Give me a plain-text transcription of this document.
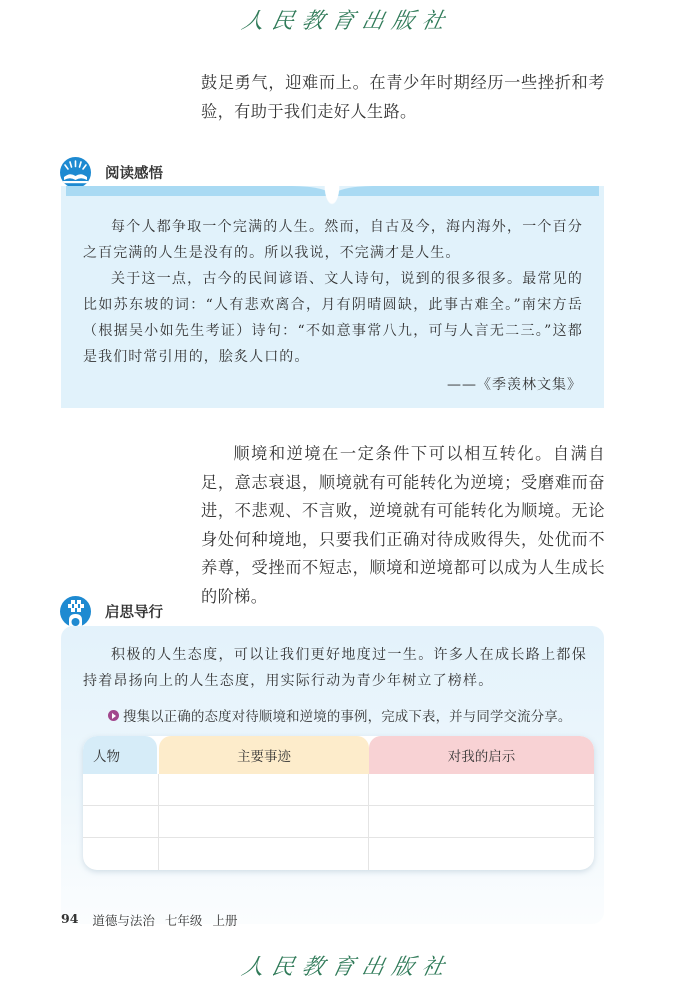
人民教育出版社

鼓足勇气，迎难而上。在青少年时期经历一些挫折和考验，有助于我们走好人生路。

阅读感悟

每个人都争取一个完满的人生。然而，自古及今，海内海外，一个百分之百完满的人生是没有的。所以我说，不完满才是人生。

关于这一点，古今的民间谚语、文人诗句，说到的很多很多。最常见的比如苏东坡的词：“人有悲欢离合，月有阴晴圆缺，此事古难全。”南宋方岳（根据吴小如先生考证）诗句：“不如意事常八九，可与人言无二三。”这都是我们时常引用的，脍炙人口的。

——《季羡林文集》

顺境和逆境在一定条件下可以相互转化。自满自足，意志衰退，顺境就有可能转化为逆境；受磨难而奋进，不悲观、不言败，逆境就有可能转化为顺境。无论身处何种境地，只要我们正确对待成败得失，处优而不养尊，受挫而不短志，顺境和逆境都可以成为人生成长的阶梯。

启思导行

积极的人生态度，可以让我们更好地度过一生。许多人在成长路上都保持着昂扬向上的人生态度，用实际行动为青少年树立了榜样。

搜集以正确的态度对待顺境和逆境的事例，完成下表，并与同学交流分享。
人物	主要事迹	对我的启示
94 道德与法治 七年级 上册
人民教育出版社
